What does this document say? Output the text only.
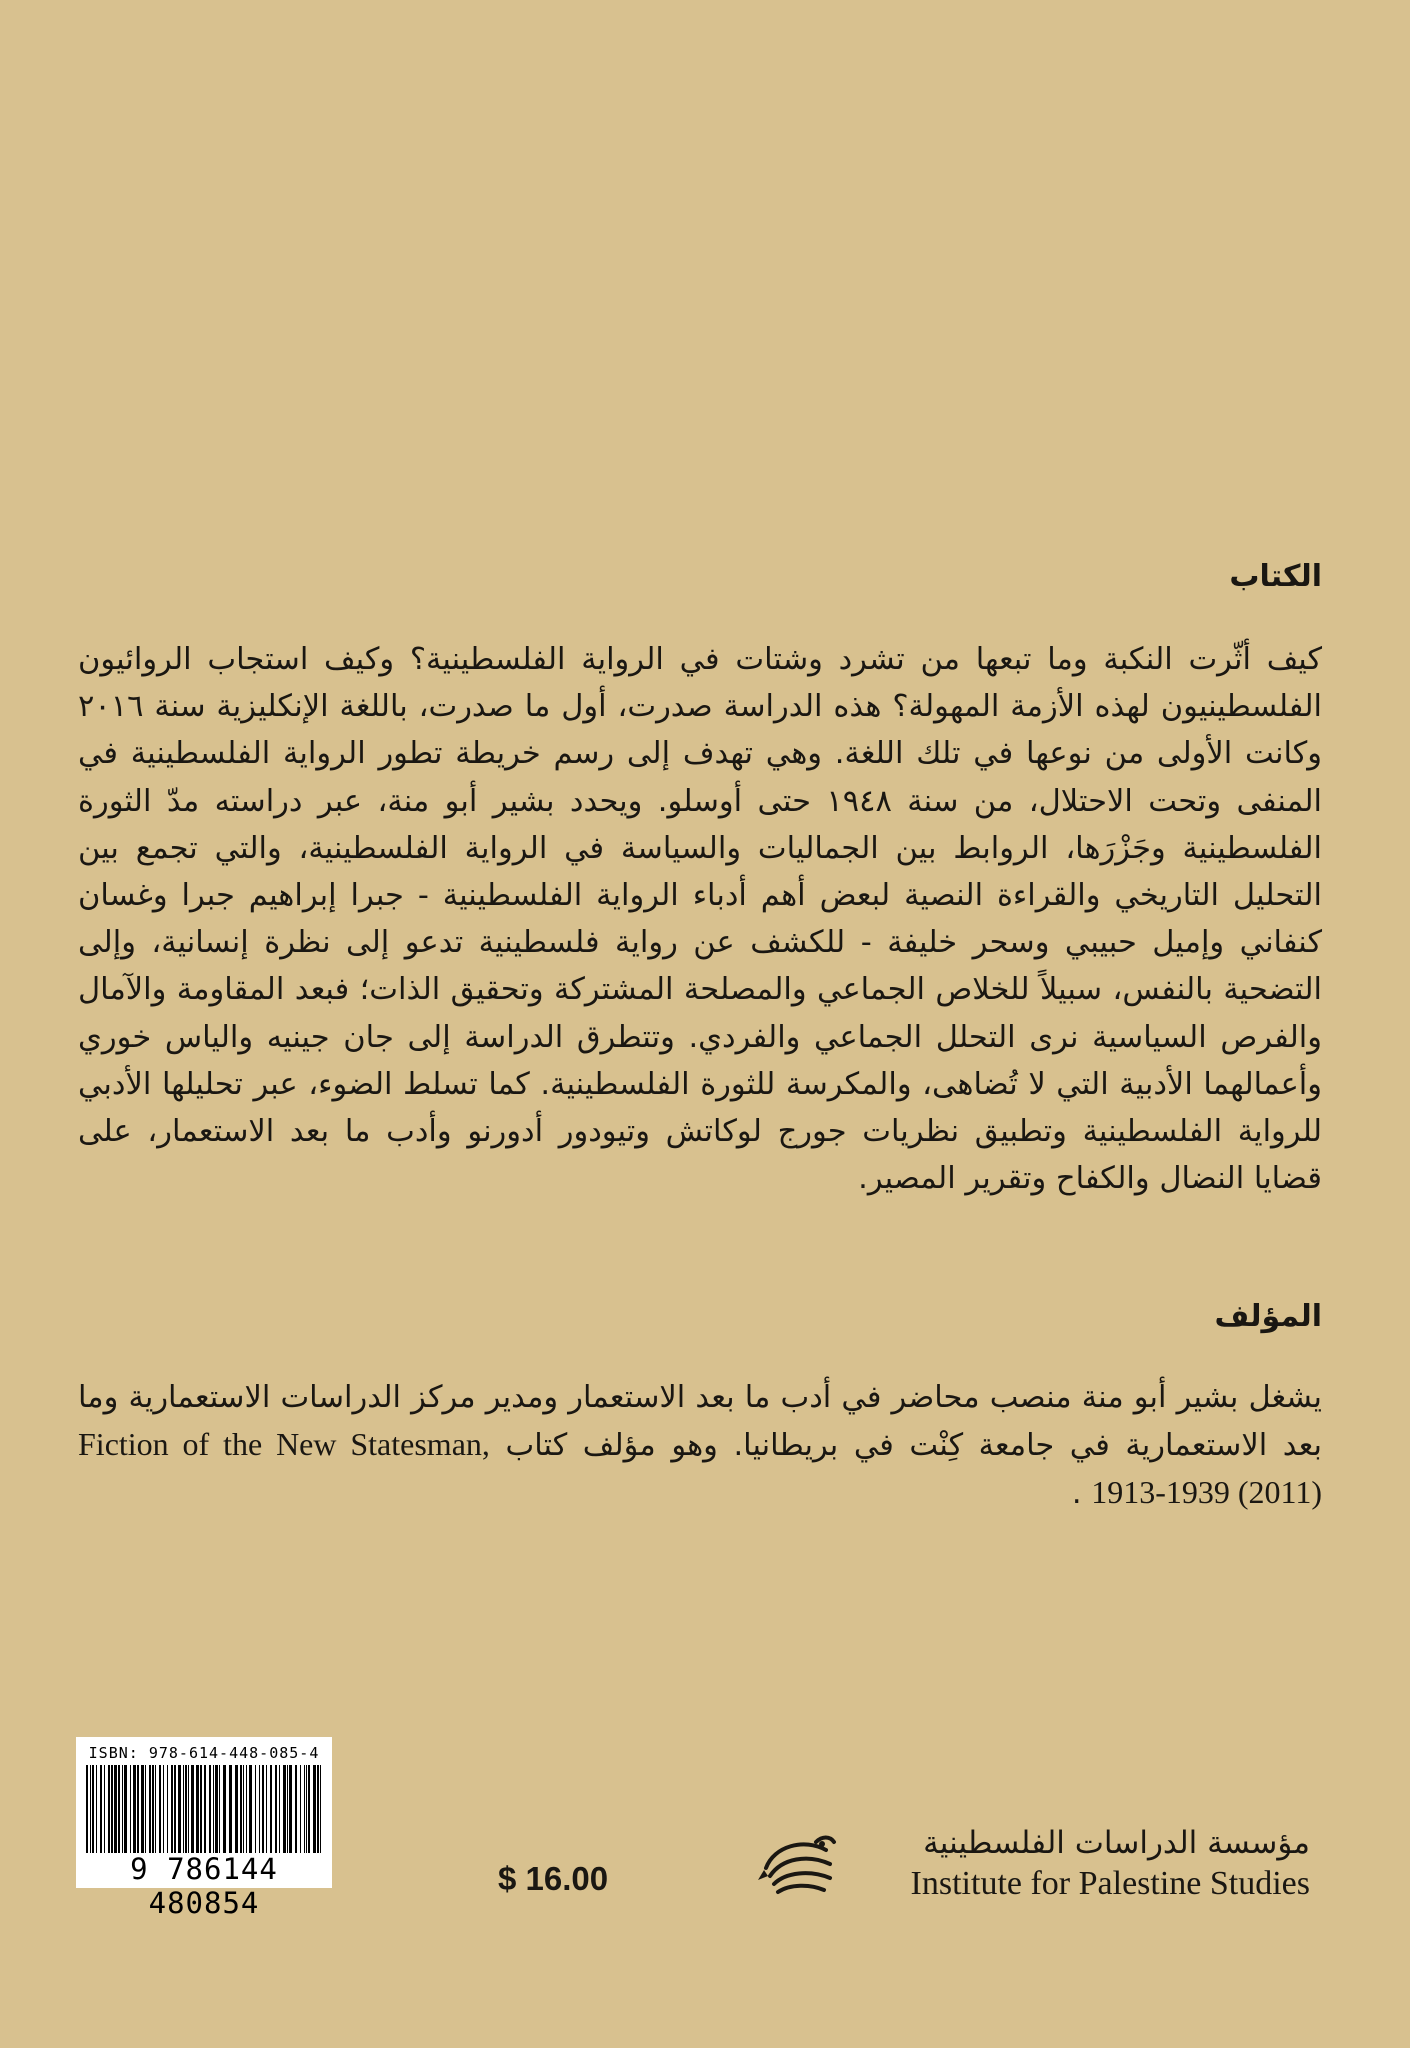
الكتاب

كيف أثّرت النكبة وما تبعها من تشرد وشتات في الرواية الفلسطينية؟ وكيف استجاب الروائيون الفلسطينيون لهذه الأزمة المهولة؟ هذه الدراسة صدرت، أول ما صدرت، باللغة الإنكليزية سنة ٢٠١٦ وكانت الأولى من نوعها في تلك اللغة. وهي تهدف إلى رسم خريطة تطور الرواية الفلسطينية في المنفى وتحت الاحتلال، من سنة ١٩٤٨ حتى أوسلو. ويحدد بشير أبو منة، عبر دراسته مدّ الثورة الفلسطينية وجَزْرَها، الروابط بين الجماليات والسياسة في الرواية الفلسطينية، والتي تجمع بين التحليل التاريخي والقراءة النصية لبعض أهم أدباء الرواية الفلسطينية - جبرا إبراهيم جبرا وغسان كنفاني وإميل حبيبي وسحر خليفة - للكشف عن رواية فلسطينية تدعو إلى نظرة إنسانية، وإلى التضحية بالنفس، سبيلاً للخلاص الجماعي والمصلحة المشتركة وتحقيق الذات؛ فبعد المقاومة والآمال والفرص السياسية نرى التحلل الجماعي والفردي. وتتطرق الدراسة إلى جان جينيه والياس خوري وأعمالهما الأدبية التي لا تُضاهى، والمكرسة للثورة الفلسطينية. كما تسلط الضوء، عبر تحليلها الأدبي للرواية الفلسطينية وتطبيق نظريات جورج لوكاتش وتيودور أدورنو وأدب ما بعد الاستعمار، على قضايا النضال والكفاح وتقرير المصير.

المؤلف

يشغل بشير أبو منة منصب محاضر في أدب ما بعد الاستعمار ومدير مركز الدراسات الاستعمارية وما بعد الاستعمارية في جامعة كِنْت في بريطانيا. وهو مؤلف كتاب Fiction of the New Statesman, 1913-1939 (2011) .

ISBN: 978-614-448-085-4
9 786144 480854
$ 16.00
مؤسسة الدراسات الفلسطينية
Institute for Palestine Studies
